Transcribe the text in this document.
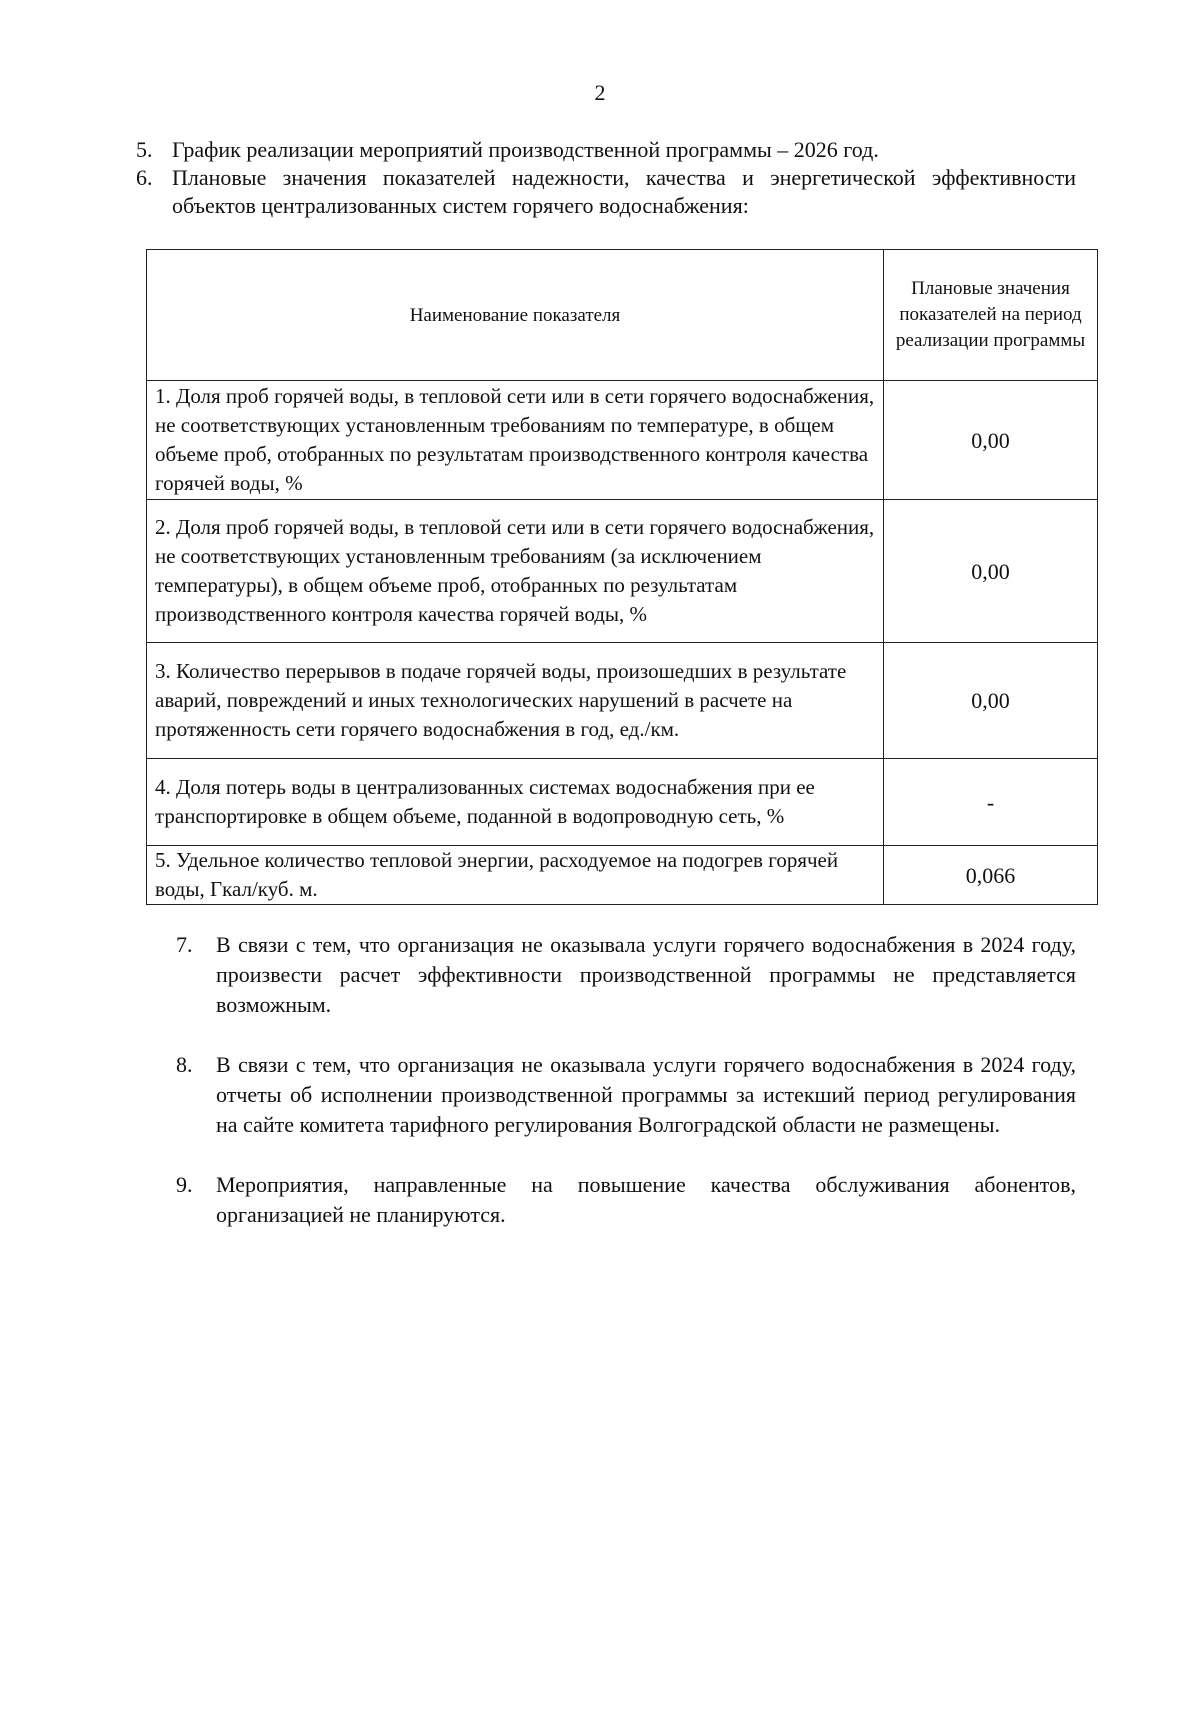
2
5. График реализации мероприятий производственной программы – 2026 год.
6. Плановые значения показателей надежности, качества и энергетической эффективности объектов централизованных систем горячего водоснабжения:
Наименование показателя	Плановые значения показателей на период реализации программы
1. Доля проб горячей воды, в тепловой сети или в сети горячего водоснабжения, не соответствующих установленным требованиям по температуре, в общем объеме проб, отобранных по результатам производственного контроля качества горячей воды, %	0,00
2. Доля проб горячей воды, в тепловой сети или в сети горячего водоснабжения, не соответствующих установленным требованиям (за исключением температуры), в общем объеме проб, отобранных по результатам производственного контроля качества горячей воды, %	0,00
3. Количество перерывов в подаче горячей воды, произошедших в результате аварий, повреждений и иных технологических нарушений в расчете на протяженность сети горячего водоснабжения в год, ед./км.	0,00
4. Доля потерь воды в централизованных системах водоснабжения при ее транспортировке в общем объеме, поданной в водопроводную сеть, %	-
5. Удельное количество тепловой энергии, расходуемое на подогрев горячей воды, Гкал/куб. м.	0,066
7.	В связи с тем, что организация не оказывала услуги горячего водоснабжения в 2024 году, произвести расчет эффективности производственной программы не представляется возможным.
8.	В связи с тем, что организация не оказывала услуги горячего водоснабжения в 2024 году, отчеты об исполнении производственной программы за истекший период регулирования на сайте комитета тарифного регулирования Волгоградской области не размещены.
9.	Мероприятия, направленные на повышение качества обслуживания абонентов, организацией не планируются.
